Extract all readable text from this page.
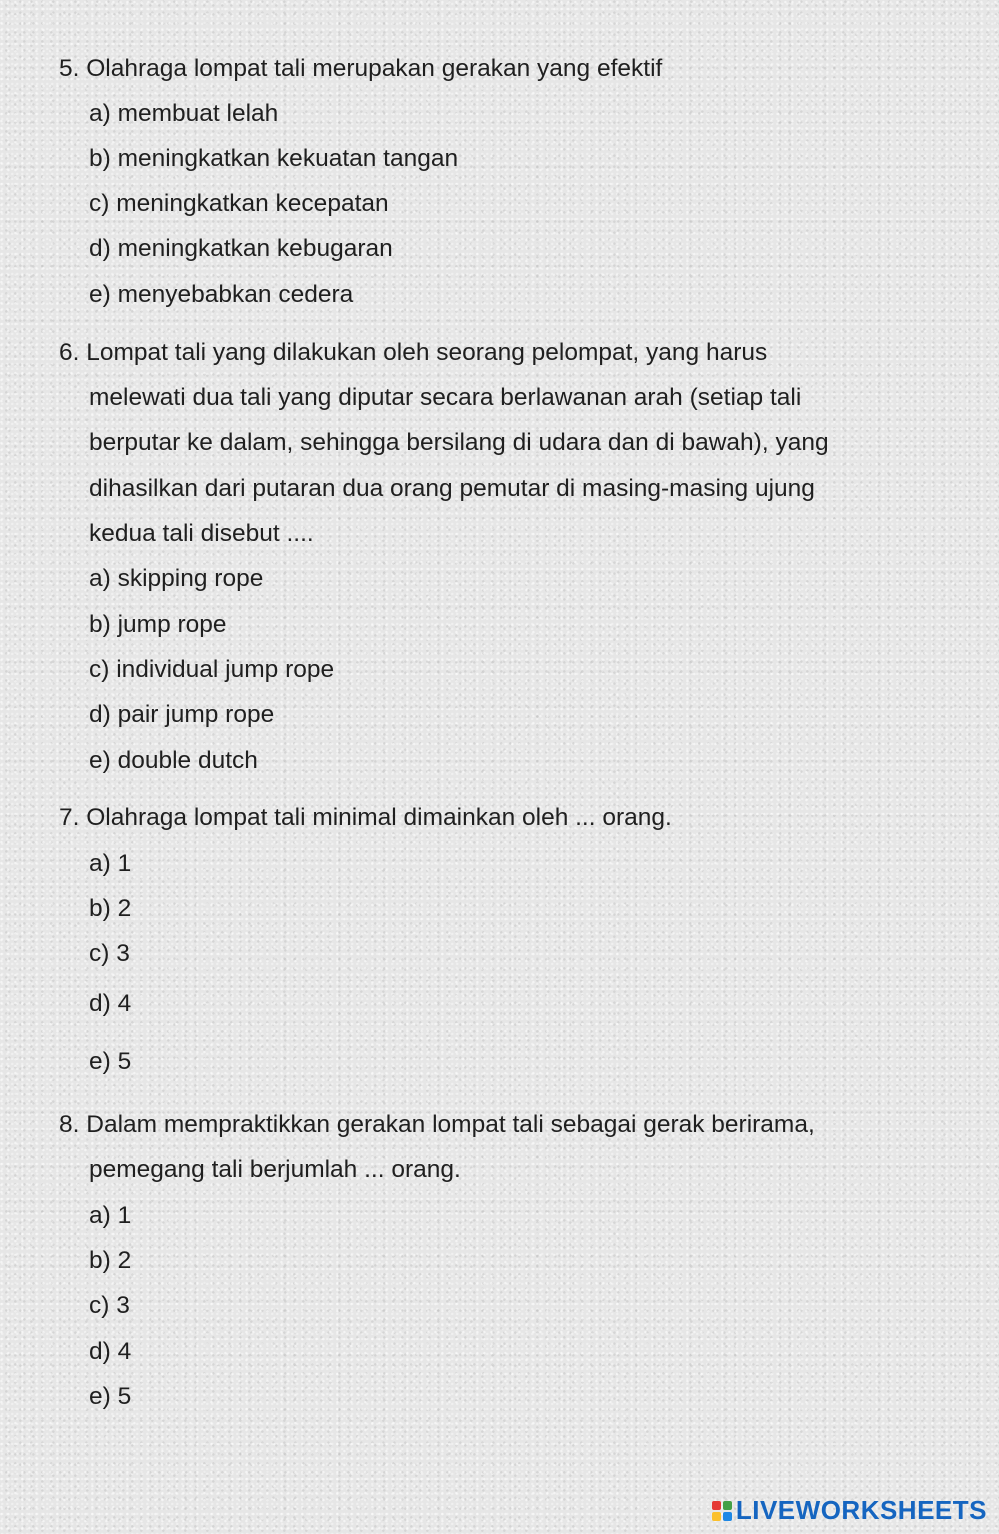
5. Olahraga lompat tali merupakan gerakan yang efektif

a) membuat lelah

b) meningkatkan kekuatan tangan

c) meningkatkan kecepatan

d) meningkatkan kebugaran

e) menyebabkan cedera

6. Lompat tali yang dilakukan oleh seorang pelompat, yang harus

melewati dua tali yang diputar secara berlawanan arah (setiap tali

berputar ke dalam, sehingga bersilang di udara dan di bawah), yang

dihasilkan dari putaran dua orang pemutar di masing-masing ujung

kedua tali disebut ....

a) skipping rope

b) jump rope

c) individual jump rope

d) pair jump rope

e) double dutch

7. Olahraga lompat tali minimal dimainkan oleh ... orang.

a) 1

b) 2

c) 3

d) 4

e) 5

8. Dalam mempraktikkan gerakan lompat tali sebagai gerak berirama,

pemegang tali berjumlah ... orang.

a) 1

b) 2

c) 3

d) 4

e) 5

LIVEWORKSHEETS
